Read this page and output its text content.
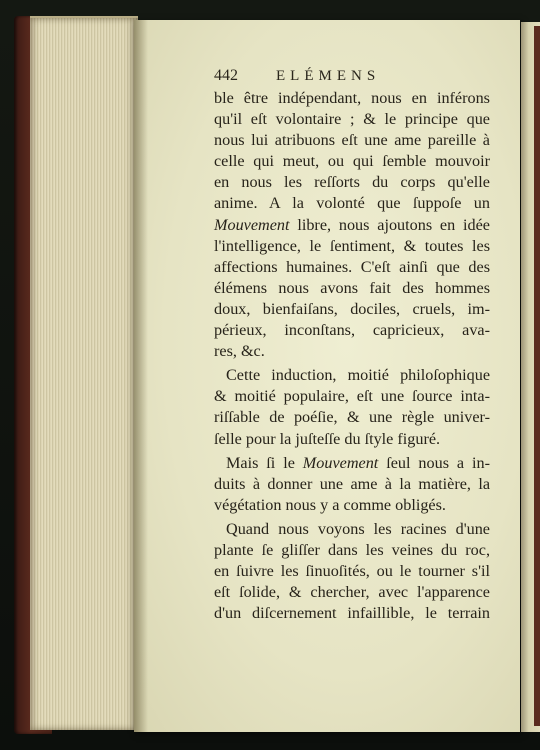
442	ELÉMENS
ble être indépendant, nous en inférons
qu'il eſt volontaire ; & le principe que
nous lui atribuons eſt une ame pareille à
celle qui meut, ou qui ſemble mouvoir
en nous les reſſorts du corps qu'elle
anime. A la volonté que ſuppoſe un
Mouvement libre, nous ajoutons en idée
l'intelligence, le ſentiment, & toutes les
affections humaines. C'eſt ainſi que des
élémens nous avons fait des hommes
doux, bienfaiſans, dociles, cruels, im-
périeux, inconſtans, capricieux, ava-
res, &c.
Cette induction, moitié philoſophique
& moitié populaire, eſt une ſource inta-
riſſable de poéſie, & une règle univer-
ſelle pour la juſteſſe du ſtyle figuré.
Mais ſi le Mouvement ſeul nous a in-
duits à donner une ame à la matière, la
végétation nous y a comme obligés.
Quand nous voyons les racines d'une
plante ſe gliſſer dans les veines du roc,
en ſuivre les ſinuoſités, ou le tourner s'il
eſt ſolide, & chercher, avec l'apparence
d'un diſcernement infaillible, le terrain
